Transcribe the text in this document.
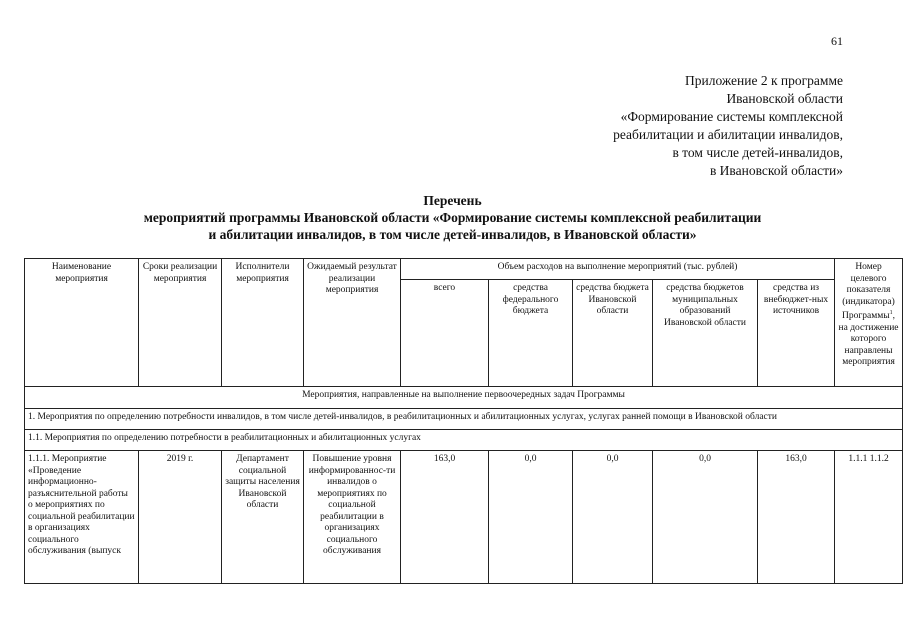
61
Приложение 2 к программе
Ивановской области
«Формирование системы комплексной
реабилитации и абилитации инвалидов,
в том числе детей-инвалидов,
в Ивановской области»
Перечень
мероприятий программы Ивановской области «Формирование системы комплексной реабилитации
и абилитации инвалидов, в том числе детей-инвалидов, в Ивановской области»
Наименование мероприятия	Сроки реализации мероприятия	Исполнители мероприятия	Ожидаемый результат реализации мероприятия	Объем расходов на выполнение мероприятий (тыс. рублей)					Номер целевого показателя (индикатора) Программы$^1$, на достижение которого направлены мероприятия
				всего	средства федерального бюджета	средства бюджета Ивановской области	средства бюджетов муниципальных образований Ивановской области	средства из внебюджет-ных источников	
Мероприятия, направленные на выполнение первоочередных задач Программы									
1. Мероприятия по определению потребности инвалидов, в том числе детей-инвалидов, в реабилитационных и абилитационных услугах, услугах ранней помощи в Ивановской области									
1.1. Мероприятия по определению потребности в реабилитационных и абилитационных услугах									

1.1.1. Мероприятие «Проведение информационно-разъяснительной работы о мероприятиях по социальной реабилитации в организациях социального обслуживания (выпуск	2019 г.	Департамент социальной защиты населения Ивановской области	Повышение уровня информированнос-ти инвалидов о мероприятиях по социальной реабилитации в организациях социального обслуживания	163,0	0,0	0,0	0,0	163,0	1.1.1 1.1.2
